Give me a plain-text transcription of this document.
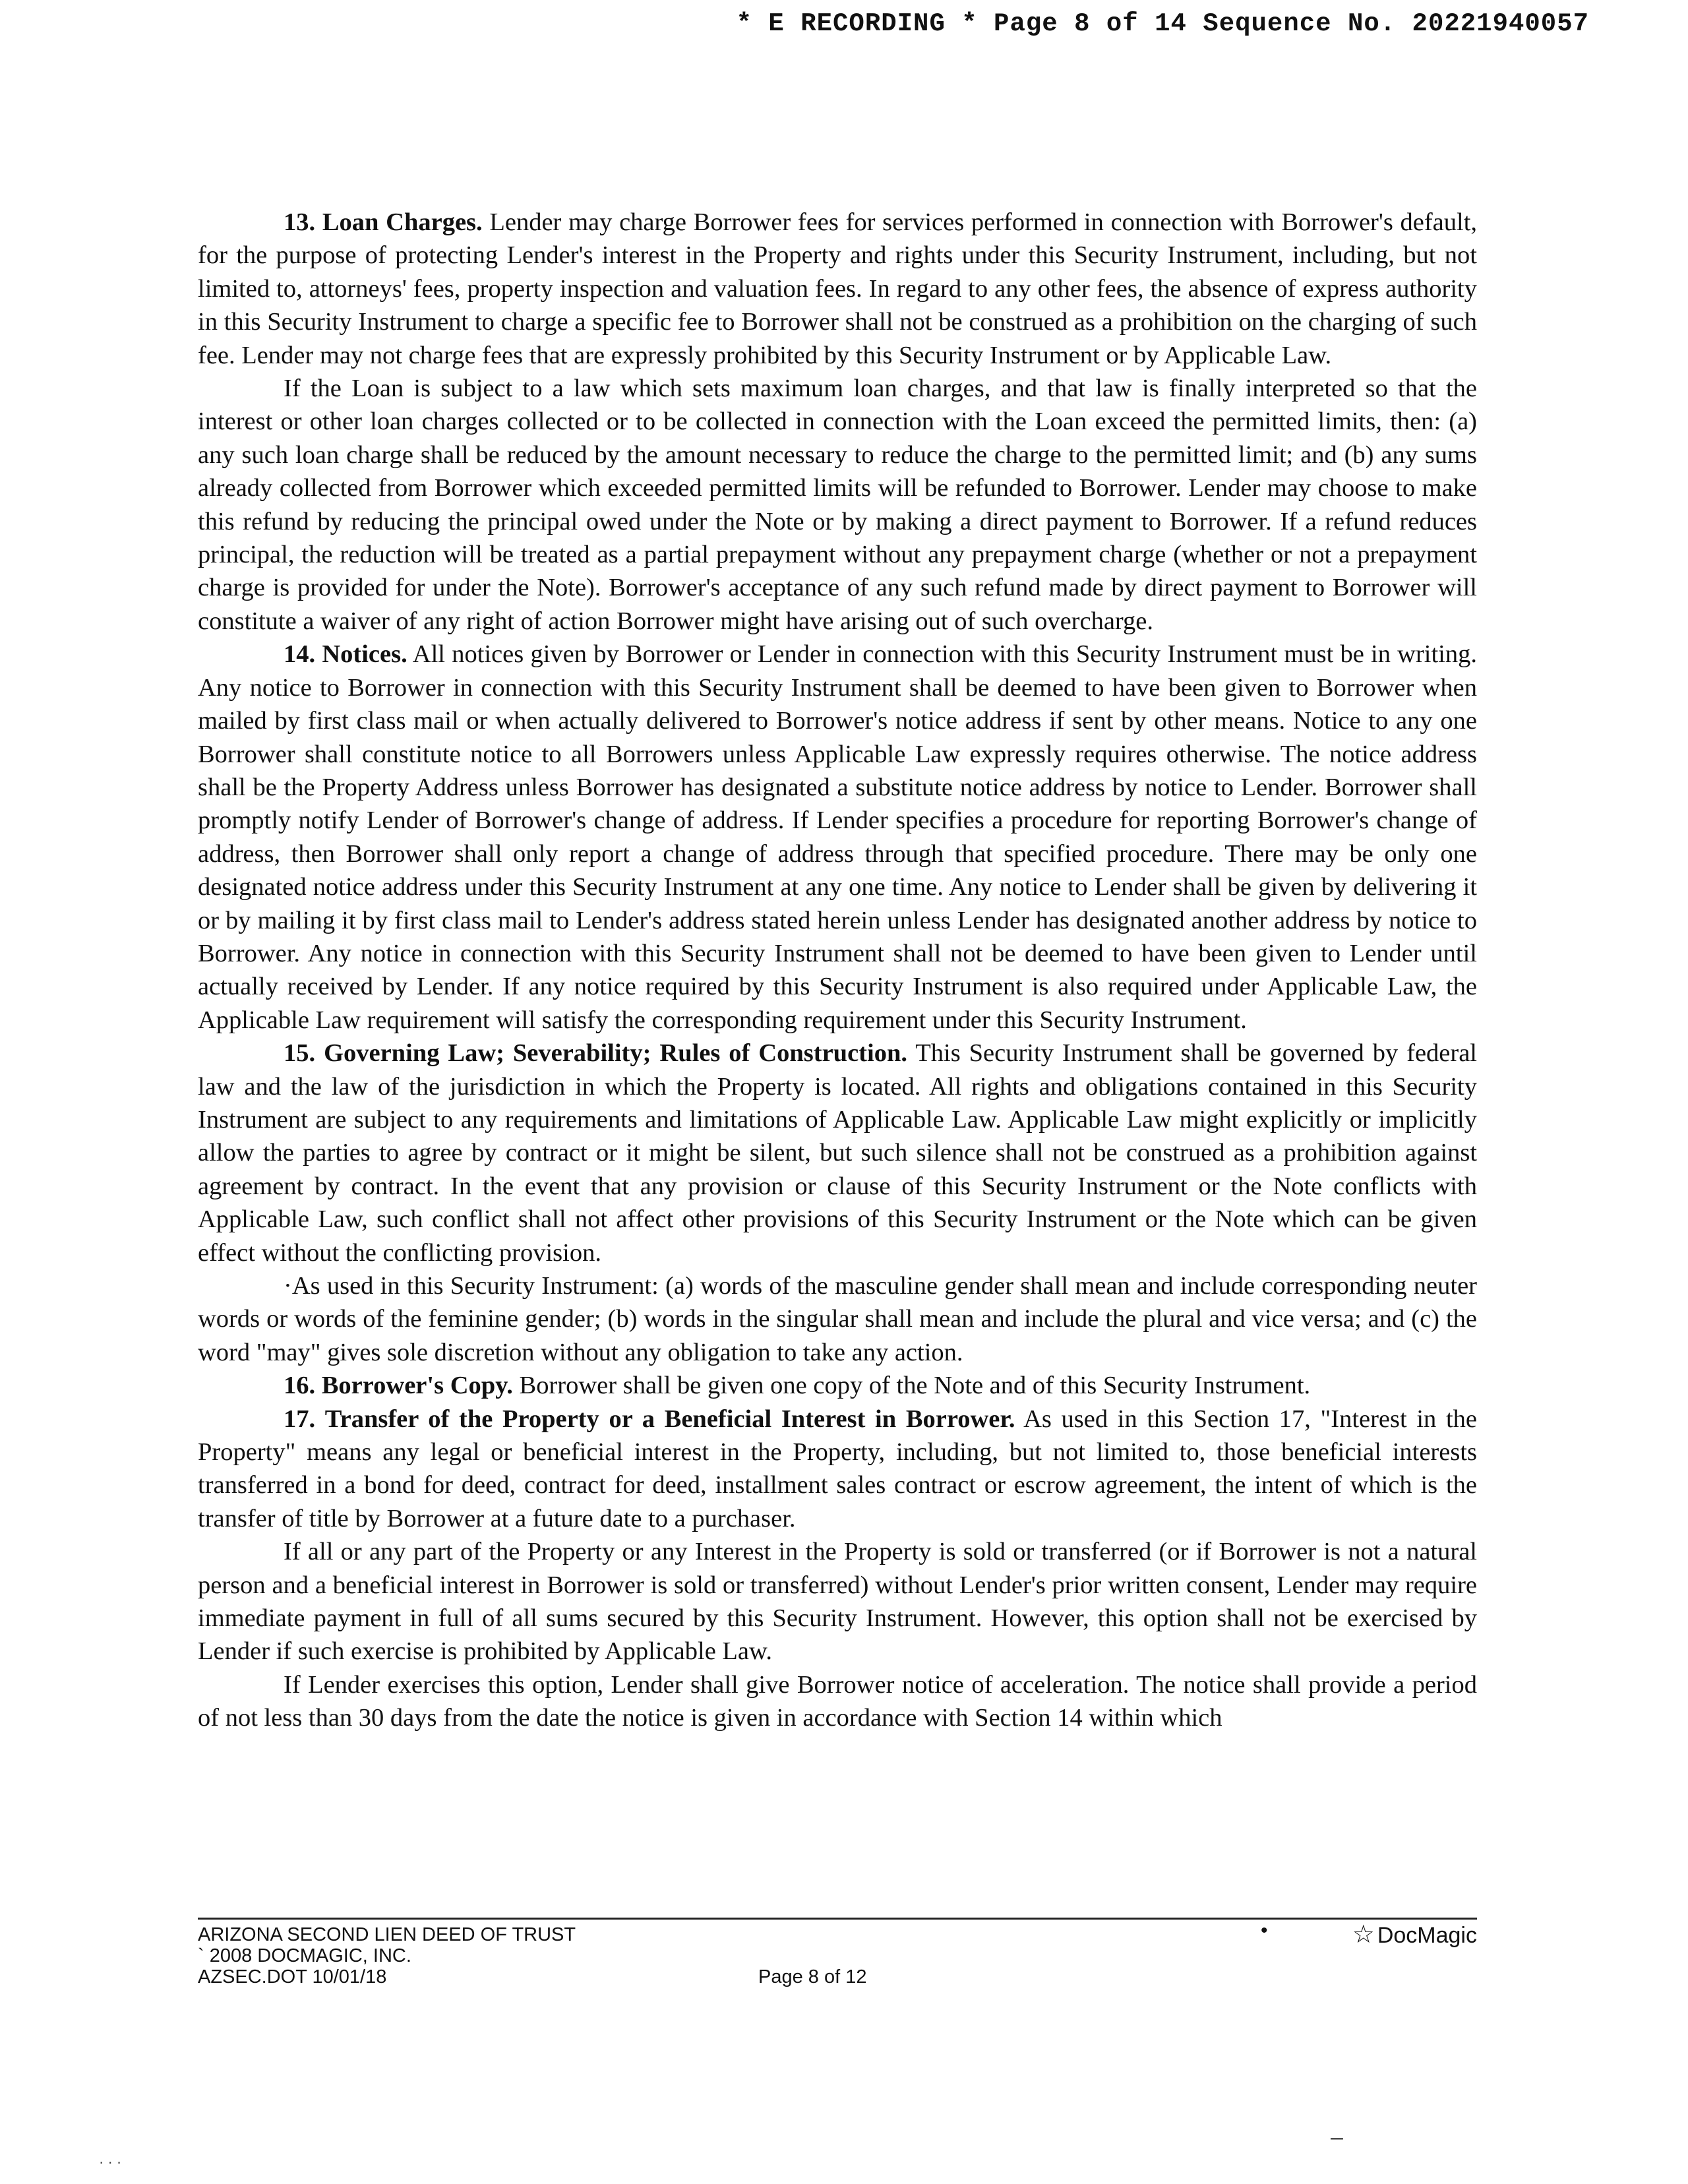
* E RECORDING * Page 8 of 14 Sequence No. 20221940057

13. Loan Charges. Lender may charge Borrower fees for services performed in connection with Borrower's default, for the purpose of protecting Lender's interest in the Property and rights under this Security Instrument, including, but not limited to, attorneys' fees, property inspection and valuation fees. In regard to any other fees, the absence of express authority in this Security Instrument to charge a specific fee to Borrower shall not be construed as a prohibition on the charging of such fee. Lender may not charge fees that are expressly prohibited by this Security Instrument or by Applicable Law.

If the Loan is subject to a law which sets maximum loan charges, and that law is finally interpreted so that the interest or other loan charges collected or to be collected in connection with the Loan exceed the permitted limits, then: (a) any such loan charge shall be reduced by the amount necessary to reduce the charge to the permitted limit; and (b) any sums already collected from Borrower which exceeded permitted limits will be refunded to Borrower. Lender may choose to make this refund by reducing the principal owed under the Note or by making a direct payment to Borrower. If a refund reduces principal, the reduction will be treated as a partial prepayment without any prepayment charge (whether or not a prepayment charge is provided for under the Note). Borrower's acceptance of any such refund made by direct payment to Borrower will constitute a waiver of any right of action Borrower might have arising out of such overcharge.

14. Notices. All notices given by Borrower or Lender in connection with this Security Instrument must be in writing. Any notice to Borrower in connection with this Security Instrument shall be deemed to have been given to Borrower when mailed by first class mail or when actually delivered to Borrower's notice address if sent by other means. Notice to any one Borrower shall constitute notice to all Borrowers unless Applicable Law expressly requires otherwise. The notice address shall be the Property Address unless Borrower has designated a substitute notice address by notice to Lender. Borrower shall promptly notify Lender of Borrower's change of address. If Lender specifies a procedure for reporting Borrower's change of address, then Borrower shall only report a change of address through that specified procedure. There may be only one designated notice address under this Security Instrument at any one time. Any notice to Lender shall be given by delivering it or by mailing it by first class mail to Lender's address stated herein unless Lender has designated another address by notice to Borrower. Any notice in connection with this Security Instrument shall not be deemed to have been given to Lender until actually received by Lender. If any notice required by this Security Instrument is also required under Applicable Law, the Applicable Law requirement will satisfy the corresponding requirement under this Security Instrument.

15. Governing Law; Severability; Rules of Construction. This Security Instrument shall be governed by federal law and the law of the jurisdiction in which the Property is located. All rights and obligations contained in this Security Instrument are subject to any requirements and limitations of Applicable Law. Applicable Law might explicitly or implicitly allow the parties to agree by contract or it might be silent, but such silence shall not be construed as a prohibition against agreement by contract. In the event that any provision or clause of this Security Instrument or the Note conflicts with Applicable Law, such conflict shall not affect other provisions of this Security Instrument or the Note which can be given effect without the conflicting provision.

·As used in this Security Instrument: (a) words of the masculine gender shall mean and include corresponding neuter words or words of the feminine gender; (b) words in the singular shall mean and include the plural and vice versa; and (c) the word "may" gives sole discretion without any obligation to take any action.

16. Borrower's Copy. Borrower shall be given one copy of the Note and of this Security Instrument.

17. Transfer of the Property or a Beneficial Interest in Borrower. As used in this Section 17, "Interest in the Property" means any legal or beneficial interest in the Property, including, but not limited to, those beneficial interests transferred in a bond for deed, contract for deed, installment sales contract or escrow agreement, the intent of which is the transfer of title by Borrower at a future date to a purchaser.

If all or any part of the Property or any Interest in the Property is sold or transferred (or if Borrower is not a natural person and a beneficial interest in Borrower is sold or transferred) without Lender's prior written consent, Lender may require immediate payment in full of all sums secured by this Security Instrument. However, this option shall not be exercised by Lender if such exercise is prohibited by Applicable Law.

If Lender exercises this option, Lender shall give Borrower notice of acceleration. The notice shall provide a period of not less than 30 days from the date the notice is given in accordance with Section 14 within which

ARIZONA SECOND LIEN DEED OF TRUST
` 2008 DOCMAGIC, INC.
AZSEC.DOT 10/01/18	Page 8 of 12
•	☆ DocMagic
–
· · ·
